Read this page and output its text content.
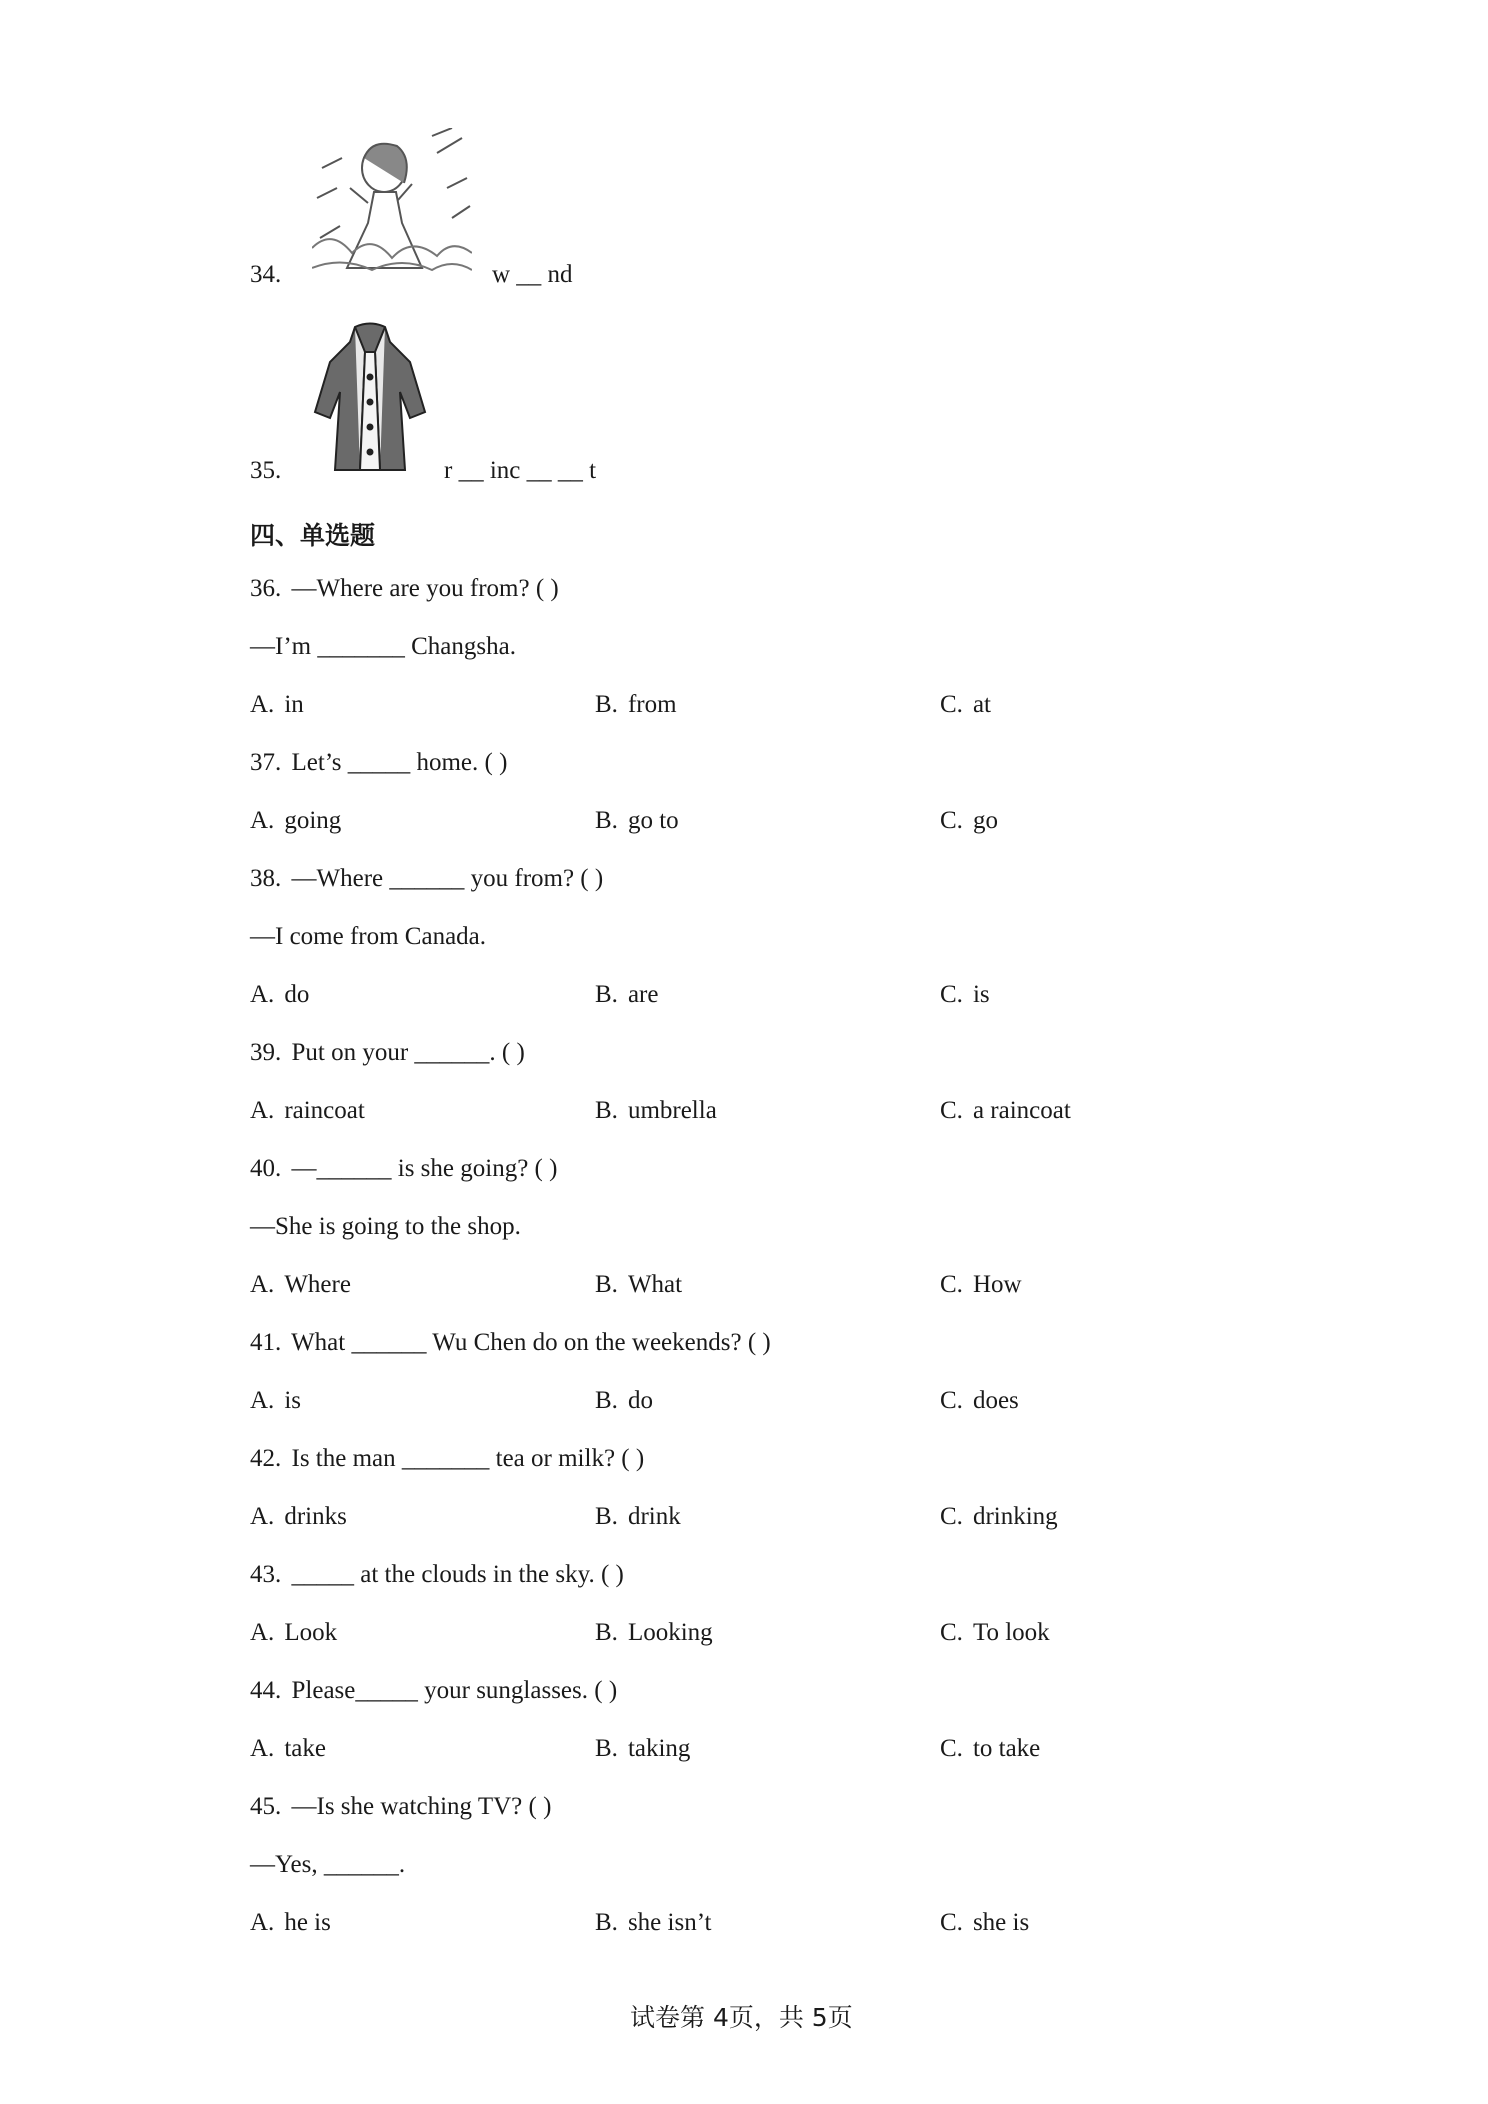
34.	w __ nd
35.	r __ inc __ __ t
四、单选题
36. —Where are you from? ( )
—I’m _______ Changsha.
A. in	B. from	C. at
37. Let’s _____ home. ( )
A. going	B. go to	C. go
38. —Where ______ you from? ( )
—I come from Canada.
A. do	B. are	C. is
39. Put on your ______. ( )
A. raincoat	B. umbrella	C. a raincoat
40. —______ is she going? ( )
—She is going to the shop.
A. Where	B. What	C. How
41. What ______ Wu Chen do on the weekends? ( )
A. is	B. do	C. does
42. Is the man _______ tea or milk? ( )
A. drinks	B. drink	C. drinking
43. _____ at the clouds in the sky. ( )
A. Look	B. Looking	C. To look
44. Please_____ your sunglasses. ( )
A. take	B. taking	C. to take
45. —Is she watching TV? ( )
—Yes, ______.
A. he is	B. she isn’t	C. she is
试卷第 4页，共 5页
